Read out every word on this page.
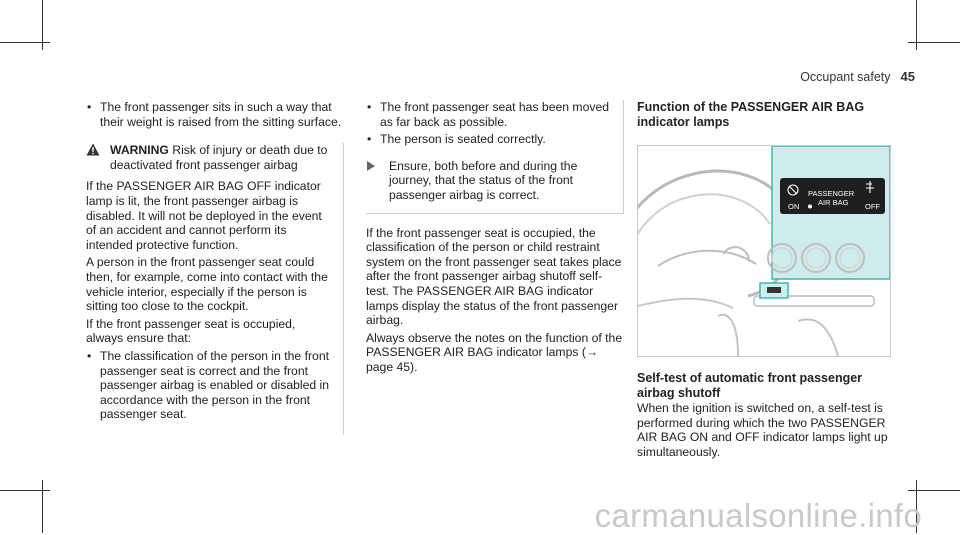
Occupant safety 45
• The front passenger sits in such a way that their weight is raised from the sitting surface.
WARNING Risk of injury or death due to deactivated front passenger airbag

If the PASSENGER AIR BAG OFF indicator lamp is lit, the front passenger airbag is disabled. It will not be deployed in the event of an accident and cannot perform its intended protective function.

A person in the front passenger seat could then, for example, come into contact with the vehicle interior, especially if the person is sitting too close to the cockpit.

If the front passenger seat is occupied, always ensure that:

• The classification of the person in the front passenger seat is correct and the front passenger airbag is enabled or disabled in accordance with the person in the front passenger seat.
• The front passenger seat has been moved as far back as possible.
• The person is seated correctly.
Ensure, both before and during the journey, that the status of the front passenger airbag is correct.

If the front passenger seat is occupied, the classification of the person or child restraint system on the front passenger seat takes place after the front passenger airbag shutoff self-test. The PASSENGER AIR BAG indicator lamps display the status of the front passenger airbag.

Always observe the notes on the function of the PASSENGER AIR BAG indicator lamps (→ page 45).

Function of the PASSENGER AIR BAG indicator lamps
ON
PASSENGER
AIR BAG OFF
Self-test of automatic front passenger airbag shutoff

When the ignition is switched on, a self-test is performed during which the two PASSENGER AIR BAG ON and OFF indicator lamps light up simultaneously.

carmanualsonline.info
